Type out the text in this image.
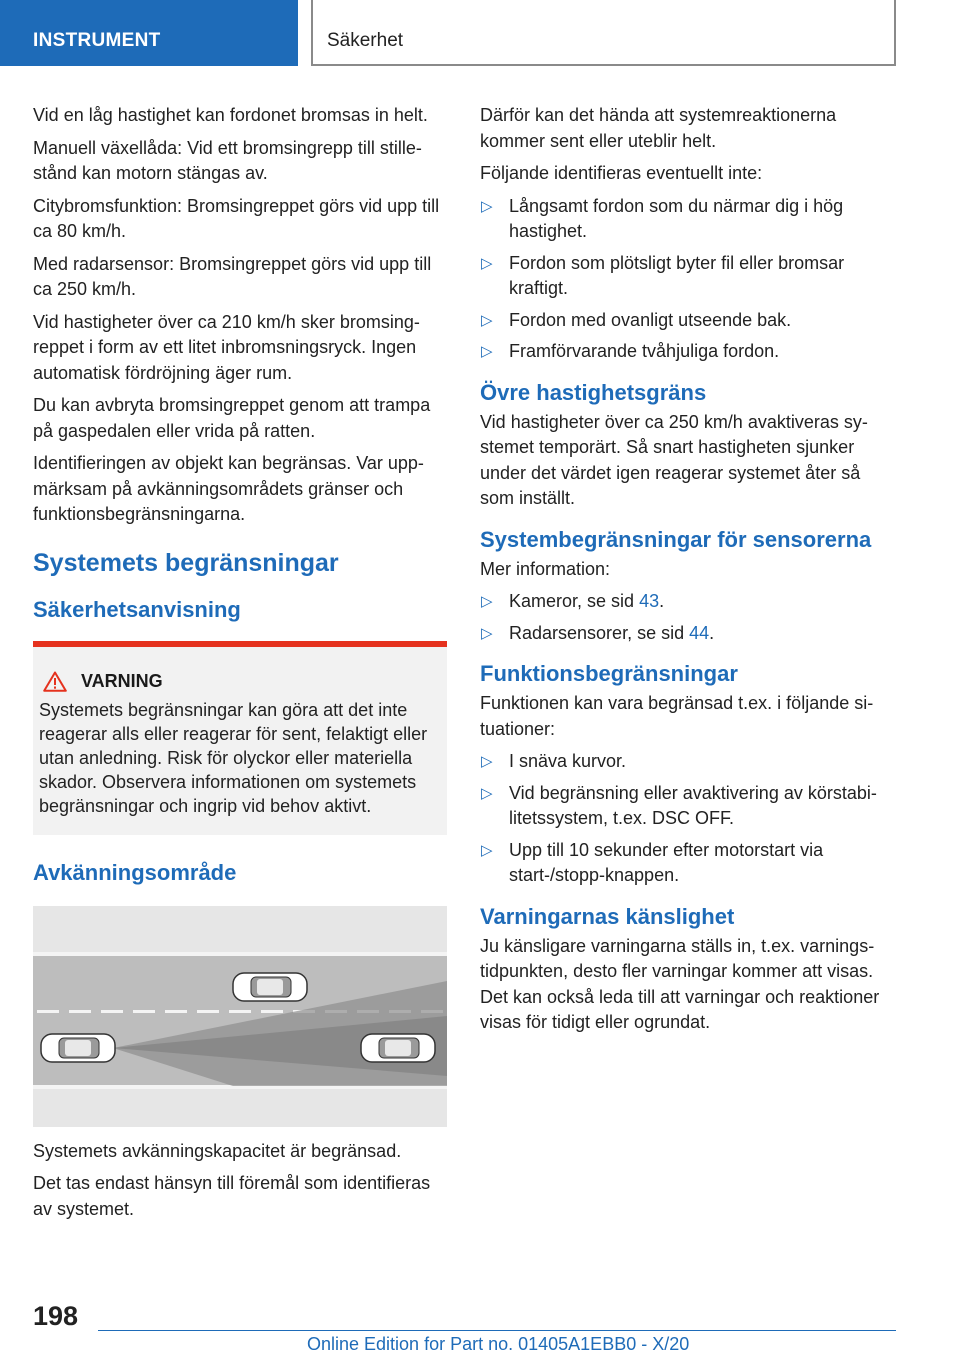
INSTRUMENT	Säkerhet

Vid en låg hastighet kan fordonet bromsas in helt.

Manuell växellåda: Vid ett bromsingrepp till stillestånd kan motorn stängas av.

Citybromsfunktion: Bromsingreppet görs vid upp till ca 80 km/h.

Med radarsensor: Bromsingreppet görs vid upp till ca 250 km/h.

Vid hastigheter över ca 210 km/h sker bromsingreppet i form av ett litet inbromsningsryck. Ingen automatisk fördröjning äger rum.

Du kan avbryta bromsingreppet genom att trampa på gaspedalen eller vrida på ratten.

Identifieringen av objekt kan begränsas. Var uppmärksam på avkänningsområdets gränser och funktionsbegränsningarna.

Systemets begränsningar
Säkerhetsanvisning
VARNING

Systemets begränsningar kan göra att det inte reagerar alls eller reagerar för sent, felaktigt eller utan anledning. Risk för olyckor eller materiella skador. Observera informationen om systemets begränsningar och ingrip vid behov aktivt.

Avkänningsområde

Systemets avkänningskapacitet är begränsad.

Det tas endast hänsyn till föremål som identifieras av systemet.

Därför kan det hända att systemreaktionerna kommer sent eller uteblir helt.

Följande identifieras eventuellt inte:

▷ Långsamt fordon som du närmar dig i hög hastighet.
▷ Fordon som plötsligt byter fil eller bromsar kraftigt.
▷ Fordon med ovanligt utseende bak.
▷ Framförvarande tvåhjuliga fordon.
Övre hastighetsgräns

Vid hastigheter över ca 250 km/h avaktiveras systemet temporärt. Så snart hastigheten sjunker under det värdet igen reagerar systemet åter så som inställt.

Systembegränsningar för sensorerna

Mer information:

▷ Kameror, se sid 43.
▷ Radarsensorer, se sid 44.
Funktionsbegränsningar

Funktionen kan vara begränsad t.ex. i följande situationer:

▷ I snäva kurvor.
▷ Vid begränsning eller avaktivering av körstabilitetssystem, t.ex. DSC OFF.
▷ Upp till 10 sekunder efter motorstart via start-/stopp-knappen.
Varningarnas känslighet

Ju känsligare varningarna ställs in, t.ex. varningstidpunkten, desto fler varningar kommer att visas. Det kan också leda till att varningar och reaktioner visas för tidigt eller ogrundat.

198
Online Edition for Part no. 01405A1EBB0 - X/20
